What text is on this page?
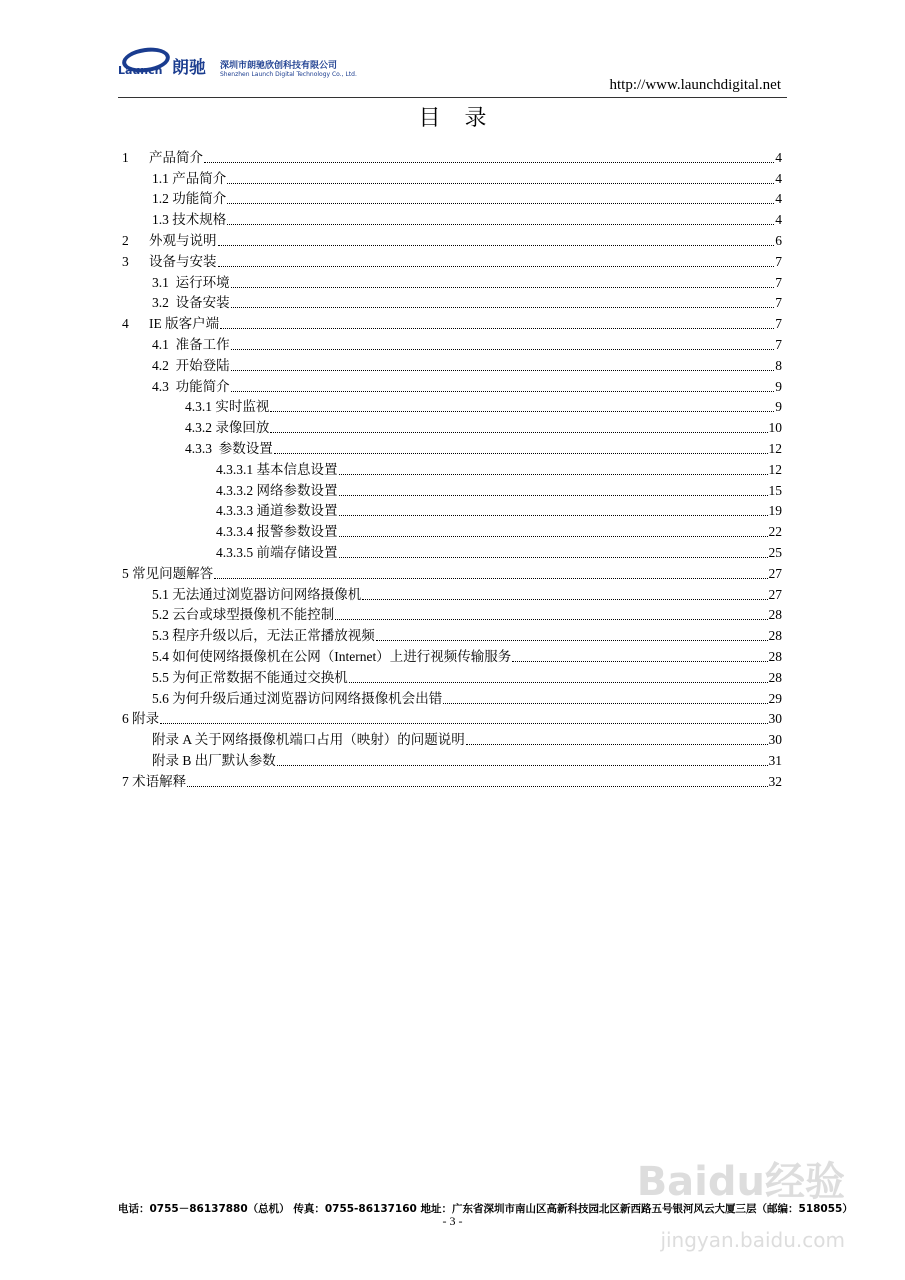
Launch 朗驰 深圳市朗驰欣创科技有限公司
Shenzhen Launch Digital Technology Co., Ltd.
http://www.launchdigital.net
目录
1 产品简介	4
1.1 产品简介	4
1.2 功能简介	4
1.3 技术规格	4
2 外观与说明	6
3 设备与安装	7
3.1 运行环境	7
3.2 设备安装	7
4 IE 版客户端	7
4.1 准备工作	7
4.2 开始登陆	8
4.3 功能简介	9
4.3.1 实时监视	9
4.3.2 录像回放	10
4.3.3 参数设置	12
4.3.3.1 基本信息设置	12
4.3.3.2 网络参数设置	15
4.3.3.3 通道参数设置	19
4.3.3.4 报警参数设置	22
4.3.3.5 前端存储设置	25
5 常见问题解答	27
5.1 无法通过浏览器访问网络摄像机	27
5.2 云台或球型摄像机不能控制	28
5.3 程序升级以后，无法正常播放视频	28
5.4 如何使网络摄像机在公网（Internet）上进行视频传输服务	28
5.5 为何正常数据不能通过交换机	28
5.6 为何升级后通过浏览器访问网络摄像机会出错	29
6 附录	30
附录 A 关于网络摄像机端口占用（映射）的问题说明	30
附录 B 出厂默认参数	31
7 术语解释	32
Baidu经验
jingyan.baidu.com
电话：0755－86137880（总机） 传真：0755-86137160 地址：广东省深圳市南山区高新科技园北区新西路五号银河风云大厦三层（邮编：518055）
- 3 -
